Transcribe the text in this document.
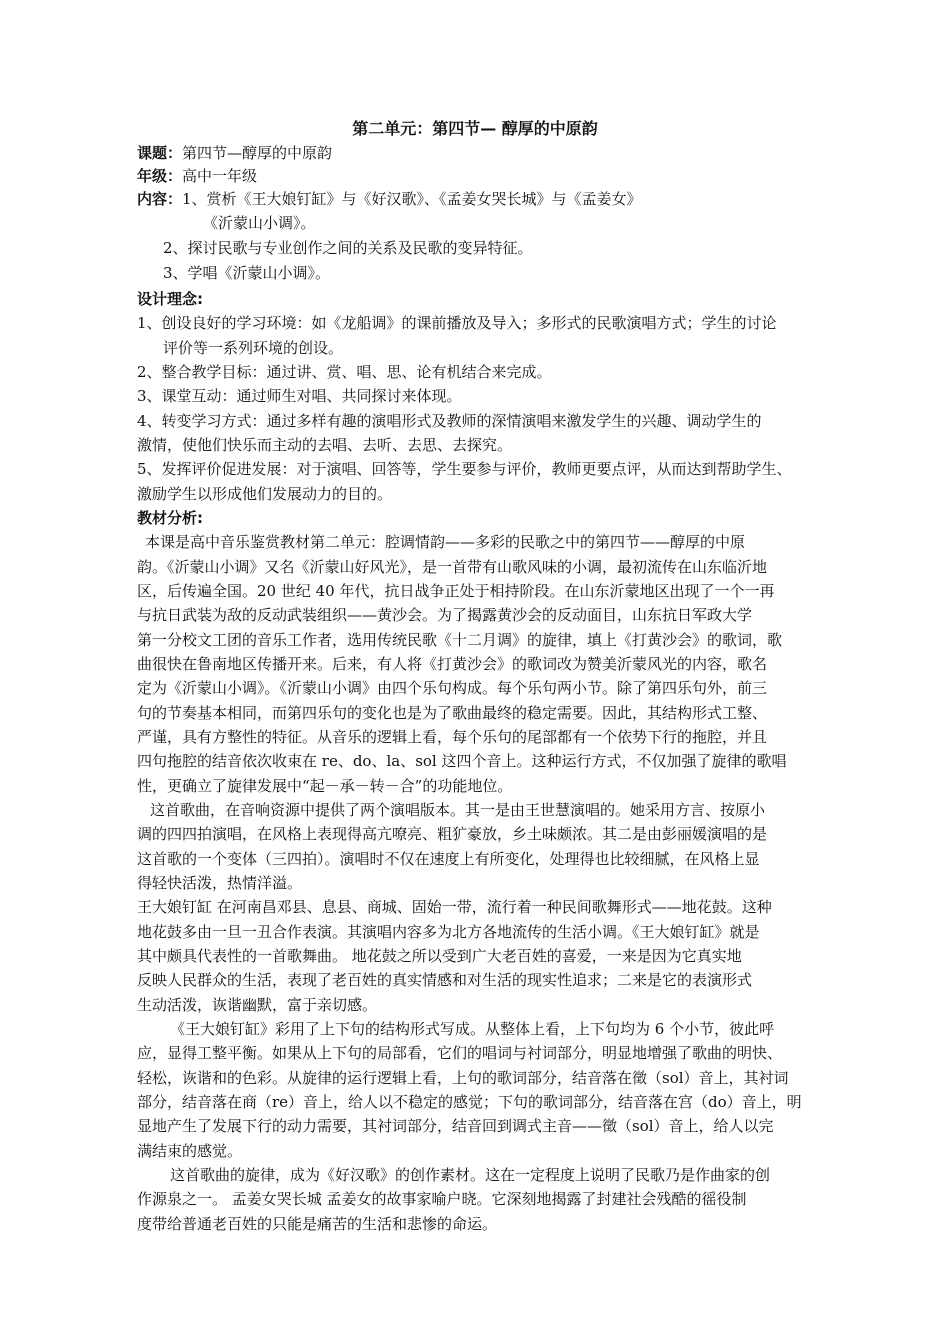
第二单元：第四节— 醇厚的中原韵
课题：第四节—醇厚的中原韵
年级：高中一年级
内容：1、赏析《王大娘钉缸》与《好汉歌》、《孟姜女哭长城》与《孟姜女》
《沂蒙山小调》。
2、探讨民歌与专业创作之间的关系及民歌的变异特征。
3、学唱《沂蒙山小调》。
设计理念:
1、创设良好的学习环境：如《龙船调》的课前播放及导入；多形式的民歌演唱方式；学生的讨论
评价等一系列环境的创设。
2、整合教学目标：通过讲、赏、唱、思、论有机结合来完成。
3、课堂互动：通过师生对唱、共同探讨来体现。
4、转变学习方式：通过多样有趣的演唱形式及教师的深情演唱来激发学生的兴趣、调动学生的
激情，使他们快乐而主动的去唱、去听、去思、去探究。
5、发挥评价促进发展：对于演唱、回答等，学生要参与评价，教师更要点评，从而达到帮助学生、
激励学生以形成他们发展动力的目的。
教材分析:
本课是高中音乐鉴赏教材第二单元：腔调情韵——多彩的民歌之中的第四节——醇厚的中原
韵。《沂蒙山小调》又名《沂蒙山好风光》，是一首带有山歌风味的小调，最初流传在山东临沂地
区，后传遍全国。20 世纪 40 年代，抗日战争正处于相持阶段。在山东沂蒙地区出现了一个一再
与抗日武装为敌的反动武装组织——黄沙会。为了揭露黄沙会的反动面目，山东抗日军政大学
第一分校文工团的音乐工作者，选用传统民歌《十二月调》的旋律，填上《打黄沙会》的歌词，歌
曲很快在鲁南地区传播开来。后来，有人将《打黄沙会》的歌词改为赞美沂蒙风光的内容，歌名
定为《沂蒙山小调》。《沂蒙山小调》由四个乐句构成。每个乐句两小节。除了第四乐句外，前三
句的节奏基本相同，而第四乐句的变化也是为了歌曲最终的稳定需要。因此，其结构形式工整、
严谨，具有方整性的特征。从音乐的逻辑上看，每个乐句的尾部都有一个依势下行的拖腔，并且
四句拖腔的结音依次收束在 re、do、la、sol 这四个音上。这种运行方式，不仅加强了旋律的歌唱
性，更确立了旋律发展中“起－承－转－合”的功能地位。
这首歌曲，在音响资源中提供了两个演唱版本。其一是由王世慧演唱的。她采用方言、按原小
调的四四拍演唱，在风格上表现得高亢嘹亮、粗犷豪放，乡土味颇浓。其二是由彭丽媛演唱的是
这首歌的一个变体（三四拍）。演唱时不仅在速度上有所变化，处理得也比较细腻，在风格上显
得轻快活泼，热情洋溢。
王大娘钉缸 在河南昌邓县、息县、商城、固始一带，流行着一种民间歌舞形式——地花鼓。这种
地花鼓多由一旦一丑合作表演。其演唱内容多为北方各地流传的生活小调。《王大娘钉缸》就是
其中颇具代表性的一首歌舞曲。 地花鼓之所以受到广大老百姓的喜爱，一来是因为它真实地
反映人民群众的生活，表现了老百姓的真实情感和对生活的现实性追求；二来是它的表演形式
生动活泼，诙谐幽默，富于亲切感。
《王大娘钉缸》彩用了上下句的结构形式写成。从整体上看，上下句均为 6 个小节，彼此呼
应，显得工整平衡。如果从上下句的局部看，它们的唱词与衬词部分，明显地增强了歌曲的明快、
轻松，诙谐和的色彩。从旋律的运行逻辑上看，上句的歌词部分，结音落在徵（sol）音上，其衬词
部分，结音落在商（re）音上，给人以不稳定的感觉；下句的歌词部分，结音落在宫（do）音上，明
显地产生了发展下行的动力需要，其衬词部分，结音回到调式主音——徵（sol）音上，给人以完
满结束的感觉。
这首歌曲的旋律，成为《好汉歌》的创作素材。这在一定程度上说明了民歌乃是作曲家的创
作源泉之一。 孟姜女哭长城 孟姜女的故事家喻户晓。它深刻地揭露了封建社会残酷的徭役制
度带给普通老百姓的只能是痛苦的生活和悲惨的命运。
